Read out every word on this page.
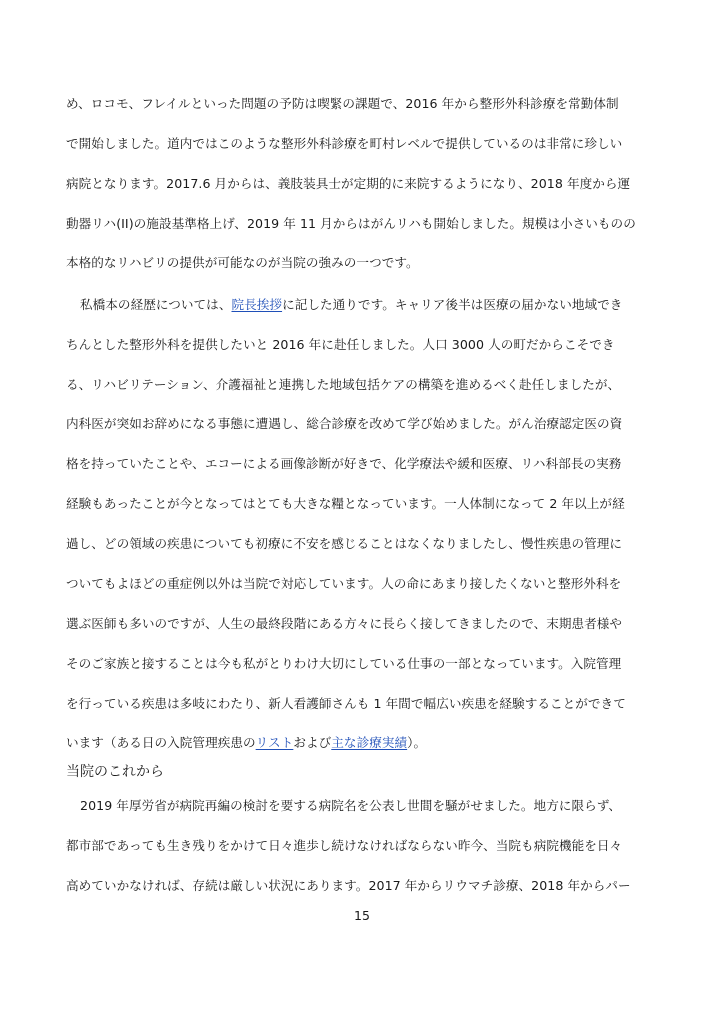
め、ロコモ、フレイルといった問題の予防は喫緊の課題で、2016 年から整形外科診療を常勤体制
で開始しました。道内ではこのような整形外科診療を町村レベルで提供しているのは非常に珍しい
病院となります。2017.6 月からは、義肢装具士が定期的に来院するようになり、2018 年度から運
動器リハ(II)の施設基準格上げ、2019 年 11 月からはがんリハも開始しました。規模は小さいものの
本格的なリハビリの提供が可能なのが当院の強みの一つです。
私橋本の経歴については、院長挨拶に記した通りです。キャリア後半は医療の届かない地域でき
ちんとした整形外科を提供したいと 2016 年に赴任しました。人口 3000 人の町だからこそでき
る、リハビリテーション、介護福祉と連携した地域包括ケアの構築を進めるべく赴任しましたが、
内科医が突如お辞めになる事態に遭遇し、総合診療を改めて学び始めました。がん治療認定医の資
格を持っていたことや、エコーによる画像診断が好きで、化学療法や緩和医療、リハ科部長の実務
経験もあったことが今となってはとても大きな糧となっています。一人体制になって 2 年以上が経
過し、どの領域の疾患についても初療に不安を感じることはなくなりましたし、慢性疾患の管理に
ついてもよほどの重症例以外は当院で対応しています。人の命にあまり接したくないと整形外科を
選ぶ医師も多いのですが、人生の最終段階にある方々に長らく接してきましたので、末期患者様や
そのご家族と接することは今も私がとりわけ大切にしている仕事の一部となっています。入院管理
を行っている疾患は多岐にわたり、新人看護師さんも 1 年間で幅広い疾患を経験することができて
います（ある日の入院管理疾患のリストおよび主な診療実績）。
当院のこれから
2019 年厚労省が病院再編の検討を要する病院名を公表し世間を騒がせました。地方に限らず、
都市部であっても生き残りをかけて日々進歩し続けなければならない昨今、当院も病院機能を日々
高めていかなければ、存続は厳しい状況にあります。2017 年からリウマチ診療、2018 年からパー
15
